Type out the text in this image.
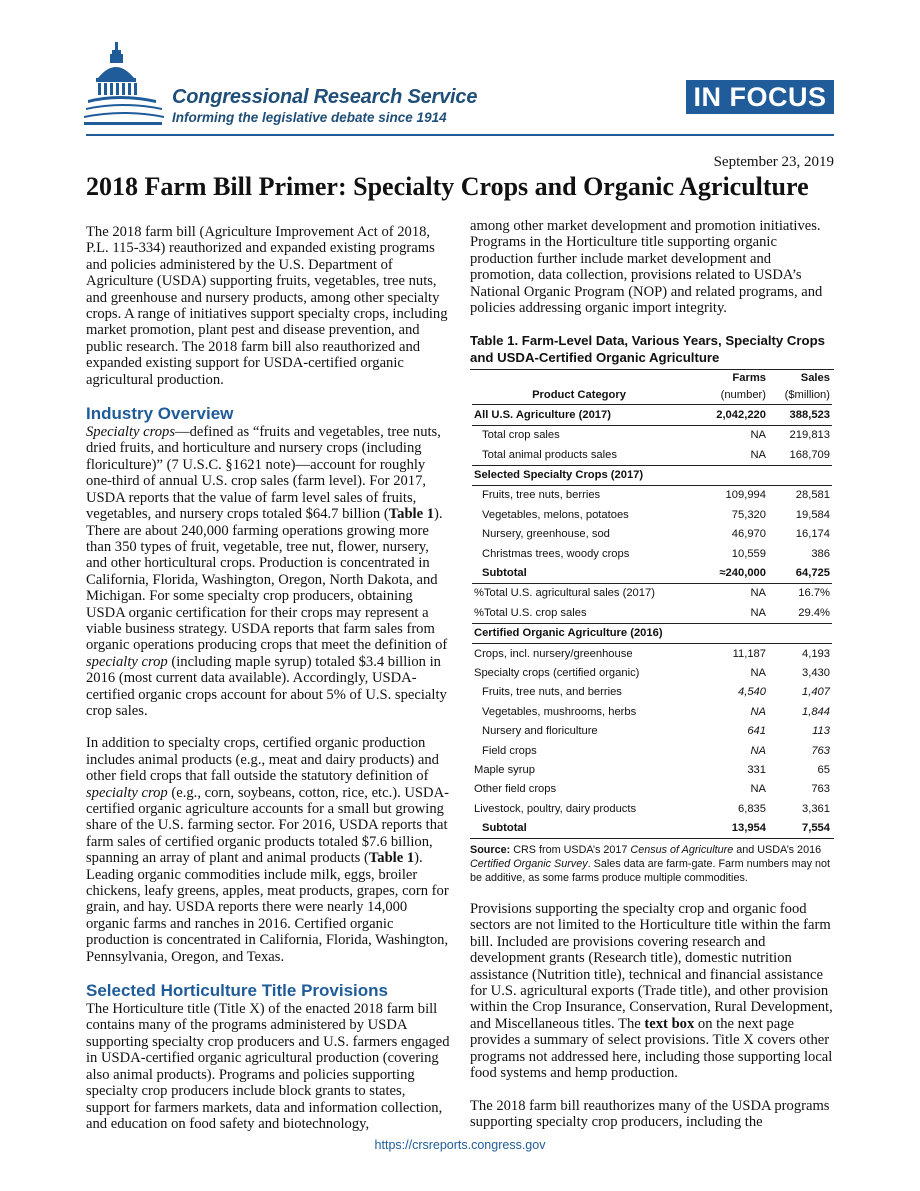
Congressional Research Service
Informing the legislative debate since 1914
IN FOCUS
September 23, 2019
2018 Farm Bill Primer: Specialty Crops and Organic Agriculture

The 2018 farm bill (Agriculture Improvement Act of 2018, P.L. 115-334) reauthorized and expanded existing programs and policies administered by the U.S. Department of Agriculture (USDA) supporting fruits, vegetables, tree nuts, and greenhouse and nursery products, among other specialty crops. A range of initiatives support specialty crops, including market promotion, plant pest and disease prevention, and public research. The 2018 farm bill also reauthorized and expanded existing support for USDA-certified organic agricultural production.

Industry Overview

Specialty crops—defined as “fruits and vegetables, tree nuts, dried fruits, and horticulture and nursery crops (including floriculture)” (7 U.S.C. §1621 note)—account for roughly one-third of annual U.S. crop sales (farm level). For 2017, USDA reports that the value of farm level sales of fruits, vegetables, and nursery crops totaled $64.7 billion (Table 1). There are about 240,000 farming operations growing more than 350 types of fruit, vegetable, tree nut, flower, nursery, and other horticultural crops. Production is concentrated in California, Florida, Washington, Oregon, North Dakota, and Michigan. For some specialty crop producers, obtaining USDA organic certification for their crops may represent a viable business strategy. USDA reports that farm sales from organic operations producing crops that meet the definition of specialty crop (including maple syrup) totaled $3.4 billion in 2016 (most current data available). Accordingly, USDA-certified organic crops account for about 5% of U.S. specialty crop sales.

In addition to specialty crops, certified organic production includes animal products (e.g., meat and dairy products) and other field crops that fall outside the statutory definition of specialty crop (e.g., corn, soybeans, cotton, rice, etc.). USDA-certified organic agriculture accounts for a small but growing share of the U.S. farming sector. For 2016, USDA reports that farm sales of certified organic products totaled $7.6 billion, spanning an array of plant and animal products (Table 1). Leading organic commodities include milk, eggs, broiler chickens, leafy greens, apples, meat products, grapes, corn for grain, and hay. USDA reports there were nearly 14,000 organic farms and ranches in 2016. Certified organic production is concentrated in California, Florida, Washington, Pennsylvania, Oregon, and Texas.

Selected Horticulture Title Provisions

The Horticulture title (Title X) of the enacted 2018 farm bill contains many of the programs administered by USDA supporting specialty crop producers and U.S. farmers engaged in USDA-certified organic agricultural production (covering also animal products). Programs and policies supporting specialty crop producers include block grants to states, support for farmers markets, data and information collection, and education on food safety and biotechnology,

among other market development and promotion initiatives. Programs in the Horticulture title supporting organic production further include market development and promotion, data collection, provisions related to USDA’s National Organic Program (NOP) and related programs, and policies addressing organic import integrity.

Table 1. Farm-Level Data, Various Years, Specialty Crops and USDA-Certified Organic Agriculture
	Farms	Sales
Product Category	(number)	($million)
All U.S. Agriculture (2017)	2,042,220	388,523
Total crop sales	NA	219,813
Total animal products sales	NA	168,709
Selected Specialty Crops (2017)		
Fruits, tree nuts, berries	109,994	28,581
Vegetables, melons, potatoes	75,320	19,584
Nursery, greenhouse, sod	46,970	16,174
Christmas trees, woody crops	10,559	386
Subtotal	≈240,000	64,725
%Total U.S. agricultural sales (2017)	NA	16.7%
%Total U.S. crop sales	NA	29.4%
Certified Organic Agriculture (2016)		
Crops, incl. nursery/greenhouse	11,187	4,193
Specialty crops (certified organic)	NA	3,430
Fruits, tree nuts, and berries	4,540	1,407
Vegetables, mushrooms, herbs	NA	1,844
Nursery and floriculture	641	113
Field crops	NA	763
Maple syrup	331	65
Other field crops	NA	763
Livestock, poultry, dairy products	6,835	3,361
Subtotal	13,954	7,554
Source: CRS from USDA’s 2017 Census of Agriculture and USDA’s 2016 Certified Organic Survey. Sales data are farm-gate. Farm numbers may not be additive, as some farms produce multiple commodities.

Provisions supporting the specialty crop and organic food sectors are not limited to the Horticulture title within the farm bill. Included are provisions covering research and development grants (Research title), domestic nutrition assistance (Nutrition title), technical and financial assistance for U.S. agricultural exports (Trade title), and other provision within the Crop Insurance, Conservation, Rural Development, and Miscellaneous titles. The text box on the next page provides a summary of select provisions. Title X covers other programs not addressed here, including those supporting local food systems and hemp production.

The 2018 farm bill reauthorizes many of the USDA programs supporting specialty crop producers, including the

https://crsreports.congress.gov
